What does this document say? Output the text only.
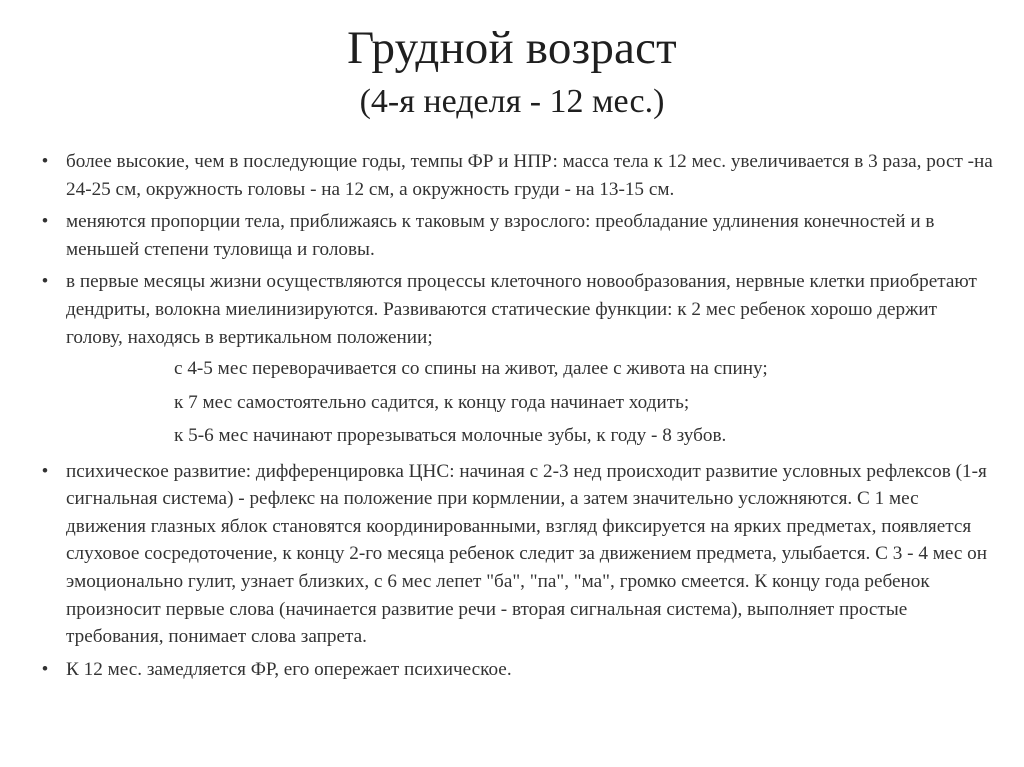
Грудной возраст
(4-я неделя - 12 мес.)
• более высокие, чем в последующие годы, темпы ФР и НПР: масса тела к 12 мес. увеличивается в 3 раза, рост -на 24-25 см, окружность головы - на 12 см, а окружность груди - на 13-15 см.
• меняются пропорции тела, приближаясь к таковым у взрослого: преобладание удлинения конечностей и в меньшей степени туловища и головы.
• в первые месяцы жизни осуществляются процессы клеточного новообразования, нервные клетки приобретают дендриты, волокна миелинизируются. Развиваются статические функции: к 2 мес ребенок хорошо держит голову, находясь в вертикальном положении;
с 4-5 мес переворачивается со спины на живот, далее с живота на спину;
к 7 мес самостоятельно садится, к концу года начинает ходить;
к 5-6 мес начинают прорезываться молочные зубы, к году - 8 зубов.
• психическое развитие: дифференцировка ЦНС: начиная с 2-3 нед происходит развитие условных рефлексов (1-я сигнальная система) - рефлекс на положение при кормлении, а затем значительно усложняются. С 1 мес движения глазных яблок становятся координированными, взгляд фиксируется на ярких предметах, появляется слуховое сосредоточение, к концу 2-го месяца ребенок следит за движением предмета, улыбается. С 3 - 4 мес он эмоционально гулит, узнает близких, с 6 мес лепет "ба", "па", "ма", громко смеется. К концу года ребенок произносит первые слова (начинается развитие речи - вторая сигнальная система), выполняет простые требования, понимает слова запрета.
• К 12 мес. замедляется ФР, его опережает психическое.
